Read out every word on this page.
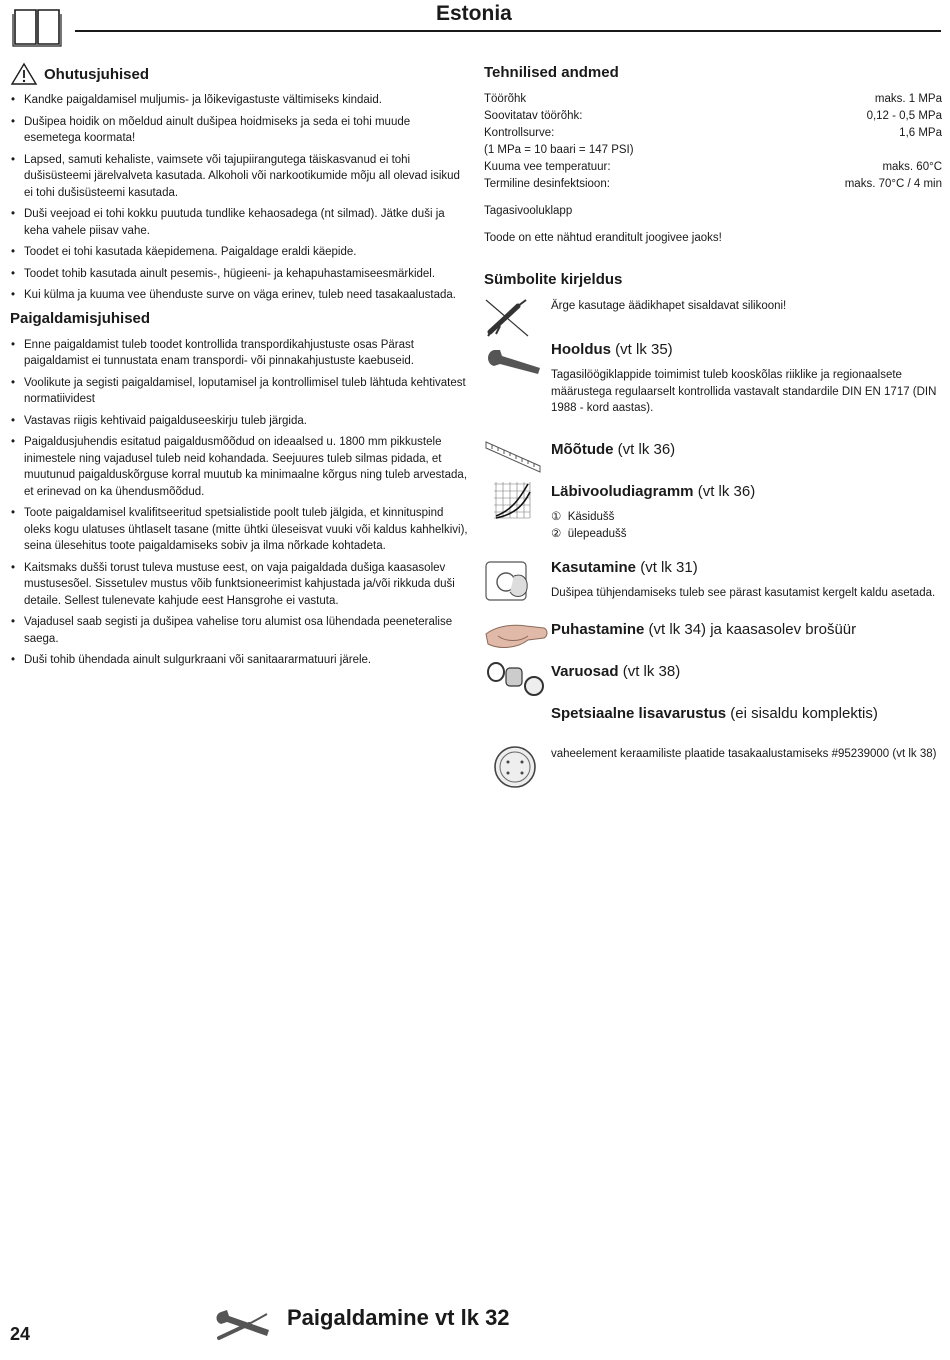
Estonia
Ohutusjuhised
• Kandke paigaldamisel muljumis- ja lõikevigastuste vältimiseks kindaid.
• Dušipea hoidik on mõeldud ainult dušipea hoidmiseks ja seda ei tohi muude esemetega koormata!
• Lapsed, samuti kehaliste, vaimsete või tajupiirangutega täiskasvanud ei tohi dušisüsteemi järelvalveta kasutada. Alkoholi või narkootikumide mõju all olevad isikud ei tohi dušisüsteemi kasutada.
• Duši veejoad ei tohi kokku puutuda tundlike kehaosadega (nt silmad). Jätke duši ja keha vahele piisav vahe.
• Toodet ei tohi kasutada käepidemena. Paigaldage eraldi käepide.
• Toodet tohib kasutada ainult pesemis-, hügieeni- ja kehapuhastamiseesmärkidel.
• Kui külma ja kuuma vee ühenduste surve on väga erinev, tuleb need tasakaalustada.
Paigaldamisjuhised
• Enne paigaldamist tuleb toodet kontrollida transpordikahjustuste osas Pärast paigaldamist ei tunnustata enam transpordi- või pinnakahjustuste kaebuseid.
• Voolikute ja segisti paigaldamisel, loputamisel ja kontrollimisel tuleb lähtuda kehtivatest normatiividest
• Vastavas riigis kehtivaid paigalduseeskirju tuleb järgida.
• Paigaldusjuhendis esitatud paigaldusmõõdud on ideaalsed u. 1800 mm pikkustele inimestele ning vajadusel tuleb neid kohandada. Seejuures tuleb silmas pidada, et muutunud paigalduskõrguse korral muutub ka minimaalne kõrgus ning tuleb arvestada, et erinevad on ka ühendusmõõdud.
• Toote paigaldamisel kvalifitseeritud spetsialistide poolt tuleb jälgida, et kinnituspind oleks kogu ulatuses ühtlaselt tasane (mitte ühtki üleseisvat vuuki või kaldus kahhelkivi), seina ülesehitus toote paigaldamiseks sobiv ja ilma nõrkade kohtadeta.
• Kaitsmaks dušši torust tuleva mustuse eest, on vaja paigaldada dušiga kaasasolev mustusesõel. Sissetulev mustus võib funktsioneerimist kahjustada ja/või rikkuda duši detaile. Sellest tulenevate kahjude eest Hansgrohe ei vastuta.
• Vajadusel saab segisti ja dušipea vahelise toru alumist osa lühendada peeneteralise saega.
• Duši tohib ühendada ainult sulgurkraani või sanitaararmatuuri järele.
Tehnilised andmed
Töörõhk	maks. 1 MPa
Soovitatav töörõhk:	0,12 - 0,5 MPa
Kontrollsurve:	1,6 MPa
(1 MPa = 10 baari = 147 PSI)	
Kuuma vee temperatuur:	maks. 60°C
Termiline desinfektsioon:	maks. 70°C / 4 min

Tagasivooluklapp

Toode on ette nähtud eranditult joogivee jaoks!

Sümbolite kirjeldus

Ärge kasutage äädikhapet sisaldavat silikooni!

Hooldus (vt lk 35)

Tagasilöögiklappide toimimist tuleb kooskõlas riiklike ja regionaalsete määrustega regulaarselt kontrollida vastavalt standardile DIN EN 1717 (DIN 1988 - kord aastas).

Mõõtude (vt lk 36)
Läbivooludiagramm (vt lk 36)
① Käsidušš
② ülepeadušš
Kasutamine (vt lk 31)

Dušipea tühjendamiseks tuleb see pärast kasutamist kergelt kaldu asetada.

Puhastamine (vt lk 34) ja kaasasolev brošüür
Varuosad (vt lk 38)
Spetsiaalne lisavarustus (ei sisaldu komplektis)

vaheelement keraamiliste plaatide tasakaalustamiseks #95239000 (vt lk 38)

24
Paigaldamine vt lk 32
